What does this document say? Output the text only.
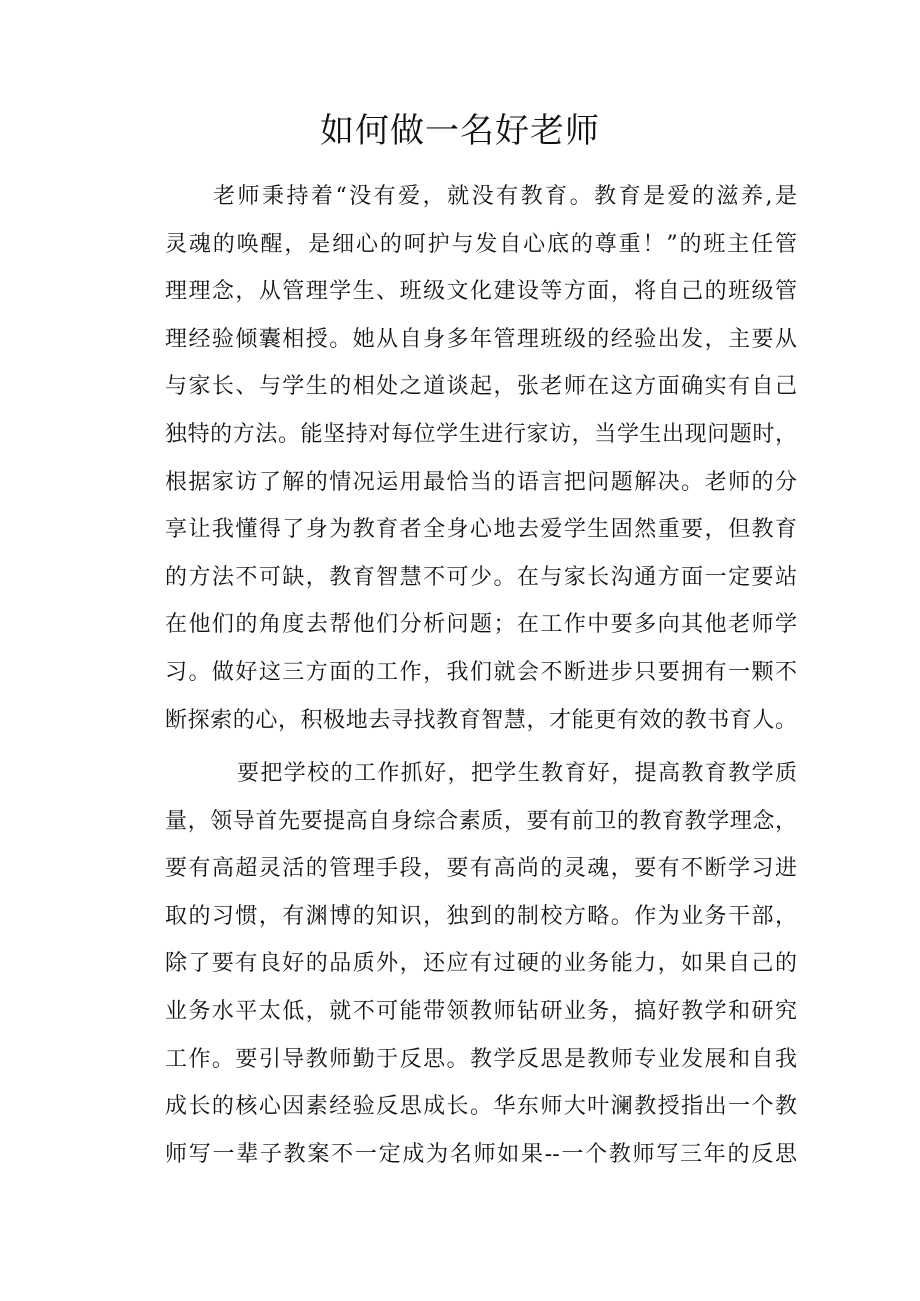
如何做一名好老师
老师秉持着“没有爱，就没有教育。教育是爱的滋养,是
灵魂的唤醒，是细心的呵护与发自心底的尊重！”的班主任管
理理念，从管理学生、班级文化建设等方面，将自己的班级管
理经验倾囊相授。她从自身多年管理班级的经验出发，主要从
与家长、与学生的相处之道谈起，张老师在这方面确实有自己
独特的方法。能坚持对每位学生进行家访，当学生出现问题时，
根据家访了解的情况运用最恰当的语言把问题解决。老师的分
享让我懂得了身为教育者全身心地去爱学生固然重要，但教育
的方法不可缺，教育智慧不可少。在与家长沟通方面一定要站
在他们的角度去帮他们分析问题；在工作中要多向其他老师学
习。做好这三方面的工作，我们就会不断进步只要拥有一颗不
断探索的心，积极地去寻找教育智慧，才能更有效的教书育人。
要把学校的工作抓好，把学生教育好，提高教育教学质
量，领导首先要提高自身综合素质，要有前卫的教育教学理念，
要有高超灵活的管理手段，要有高尚的灵魂，要有不断学习进
取的习惯，有渊博的知识，独到的制校方略。作为业务干部，
除了要有良好的品质外，还应有过硬的业务能力，如果自己的
业务水平太低，就不可能带领教师钻研业务，搞好教学和研究
工作。要引导教师勤于反思。教学反思是教师专业发展和自我
成长的核心因素经验反思成长。华东师大叶澜教授指出一个教
师写一辈子教案不一定成为名师如果--一个教师写三年的反思
